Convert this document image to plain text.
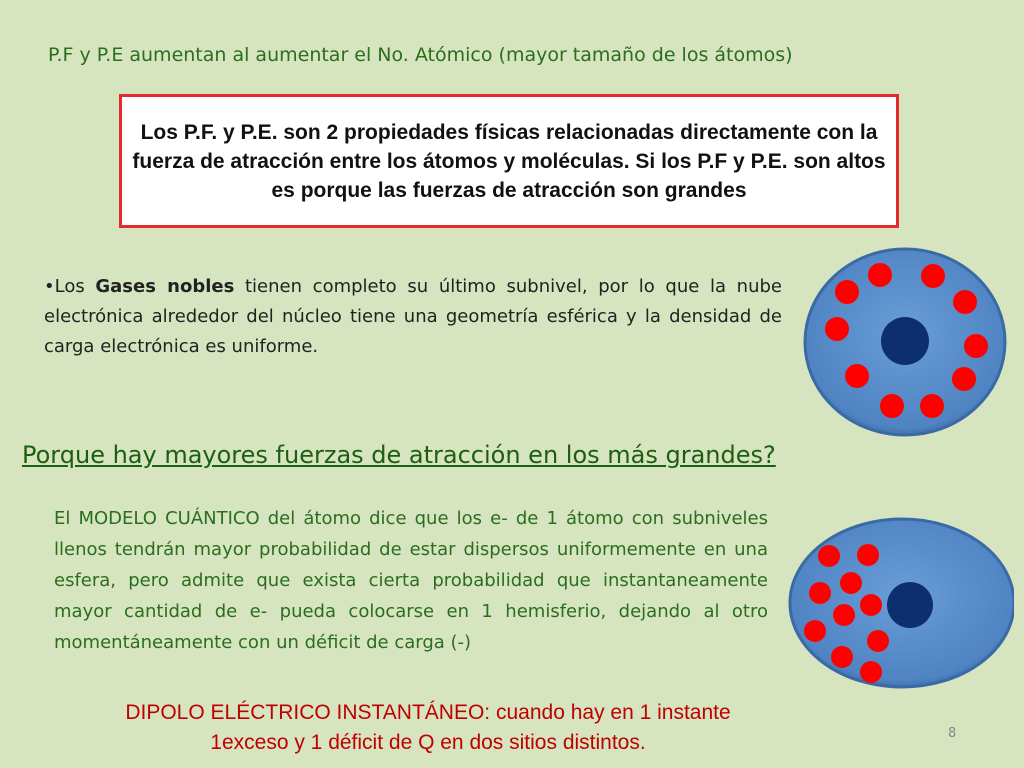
P.F y P.E aumentan al aumentar el No. Atómico (mayor tamaño de los átomos)
Los P.F. y P.E. son 2 propiedades físicas relacionadas directamente con la fuerza de atracción entre los átomos y moléculas. Si los P.F y P.E. son altos es porque las fuerzas de atracción son grandes
•Los Gases nobles tienen completo su último subnivel, por lo que la nube electrónica alrededor del núcleo tiene una geometría esférica y la densidad de carga electrónica es uniforme.
Porque hay mayores fuerzas de atracción en los más grandes?
El MODELO CUÁNTICO del átomo dice que los e- de 1 átomo con subniveles llenos tendrán mayor probabilidad de estar dispersos uniformemente en una esfera, pero admite que exista cierta probabilidad que instantaneamente mayor cantidad de e- pueda colocarse en 1 hemisferio, dejando al otro momentáneamente con un déficit de carga (-)
DIPOLO ELÉCTRICO INSTANTÁNEO: cuando hay en 1 instante 1exceso y 1 déficit de Q en dos sitios distintos.	8
